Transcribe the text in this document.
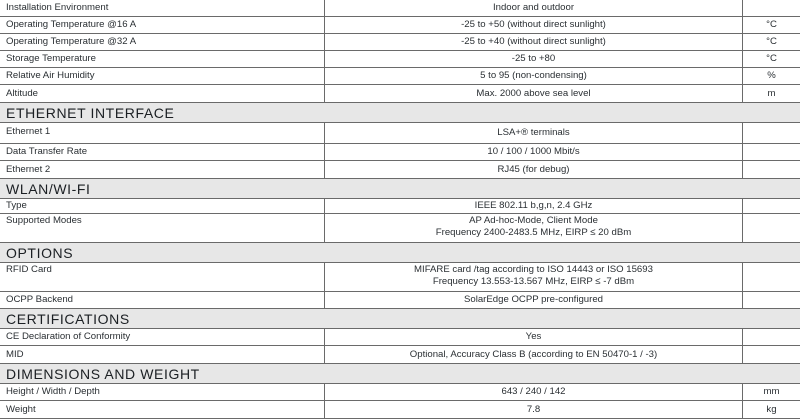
Installation Environment	Indoor and outdoor
Operating Temperature @16 A	-25 to +50 (without direct sunlight)	°C
Operating Temperature @32 A	-25 to +40 (without direct sunlight)	°C
Storage Temperature	-25 to +80	°C
Relative Air Humidity	5 to 95 (non-condensing)	%
Altitude	Max. 2000 above sea level	m
ETHERNET INTERFACE
Ethernet 1	LSA+® terminals
Data Transfer Rate	10 / 100 / 1000 Mbit/s
Ethernet 2	RJ45 (for debug)
WLAN/WI-FI
Type	IEEE 802.11 b,g,n, 2.4 GHz
Supported Modes	AP Ad-hoc-Mode, Client Mode
Frequency 2400-2483.5 MHz, EIRP ≤ 20 dBm
OPTIONS
RFID Card	MIFARE card /tag according to ISO 14443 or ISO 15693
Frequency 13.553-13.567 MHz, EIRP ≤ -7 dBm
OCPP Backend	SolarEdge OCPP pre-configured
CERTIFICATIONS
CE Declaration of Conformity	Yes
MID	Optional, Accuracy Class B (according to EN 50470-1 / -3)
DIMENSIONS AND WEIGHT
Height / Width / Depth	643 / 240 / 142	mm
Weight	7.8	kg
